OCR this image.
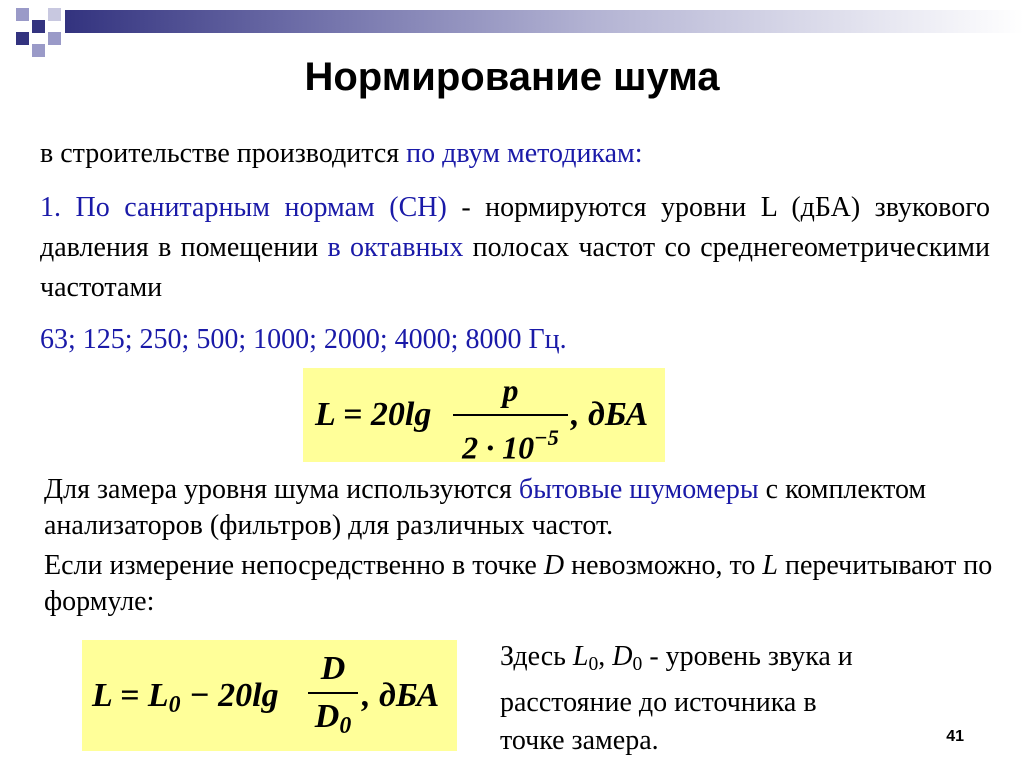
Нормирование шума
в строительстве производится по двум методикам:
1. По санитарным нормам (СН) - нормируются уровни L (дБА) звукового давления в помещении в октавных полосах частот со среднегеометрическими частотами
63; 125; 250; 500; 1000; 2000; 4000; 8000 Гц.
L = 20lg
p
$2 \cdot 10^{-5}$
, дБА
Для замера уровня шума используются бытовые шумомеры с комплектом анализаторов (фильтров) для различных частот.
Если измерение непосредственно в точке D невозможно, то L перечитывают по формуле:
$L = L_0 - 20\lg$
D
$D_0$
, дБА
Здесь $L_0$, $D_0$ - уровень звука и расстояние до источника в точке замера.	41
